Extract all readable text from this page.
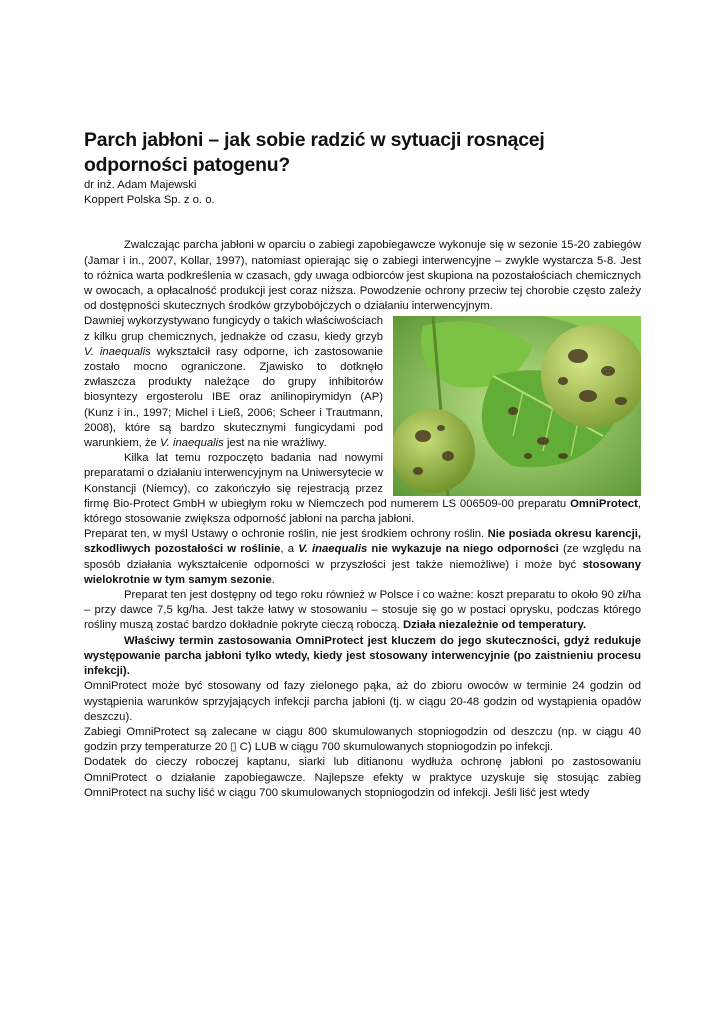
Parch jabłoni – jak sobie radzić w sytuacji rosnącej odporności patogenu?
dr inż. Adam Majewski
Koppert Polska Sp. z o. o.

Zwalczając parcha jabłoni w oparciu o zabiegi zapobiegawcze wykonuje się w sezonie 15-20 zabiegów (Jamar i in., 2007, Kollar, 1997), natomiast opierając się o zabiegi interwencyjne – zwykle wystarcza 5-8. Jest to różnica warta podkreślenia w czasach, gdy uwaga odbiorców jest skupiona na pozostałościach chemicznych w owocach, a opłacalność produkcji jest coraz niższa. Powodzenie ochrony przeciw tej chorobie często zależy od dostępności skutecznych środków grzybobójczych o działaniu interwencyjnym.

Dawniej wykorzystywano fungicydy o takich właściwościach z kilku grup chemicznych, jednakże od czasu, kiedy grzyb V. inaequalis wykształcił rasy odporne, ich zastosowanie zostało mocno ograniczone. Zjawisko to dotknęło zwłaszcza produkty należące do grupy inhibitorów biosyntezy ergosterolu IBE oraz anilinopirymidyn (AP) (Kunz i in., 1997; Michel i Ließ, 2006; Scheer i Trautmann, 2008), które są bardzo skutecznymi fungicydami pod warunkiem, że V. inaequalis jest na nie wrażliwy.

Kilka lat temu rozpoczęto badania nad nowymi preparatami o działaniu interwencyjnym na Uniwersytecie w Konstancji (Niemcy), co zakończyło się rejestracją przez firmę Bio-Protect GmbH w ubiegłym roku w Niemczech pod numerem LS 006509-00 preparatu OmniProtect, którego stosowanie zwiększa odporność jabłoni na parcha jabłoni.

Preparat ten, w myśl Ustawy o ochronie roślin, nie jest środkiem ochrony roślin. Nie posiada okresu karencji, szkodliwych pozostałości w roślinie, a V. inaequalis nie wykazuje na niego odporności (ze względu na sposób działania wykształcenie odporności w przyszłości jest także niemożliwe) i może być stosowany wielokrotnie w tym samym sezonie.

Preparat ten jest dostępny od tego roku również w Polsce i co ważne: koszt preparatu to około 90 zł/ha – przy dawce 7,5 kg/ha. Jest także łatwy w stosowaniu – stosuje się go w postaci oprysku, podczas którego rośliny muszą zostać bardzo dokładnie pokryte cieczą roboczą. Działa niezależnie od temperatury.

Właściwy termin zastosowania OmniProtect jest kluczem do jego skuteczności, gdyż redukuje występowanie parcha jabłoni tylko wtedy, kiedy jest stosowany interwencyjnie (po zaistnieniu procesu infekcji).

OmniProtect może być stosowany od fazy zielonego pąka, aż do zbioru owoców w terminie 24 godzin od wystąpienia warunków sprzyjających infekcji parcha jabłoni (tj. w ciągu 20-48 godzin od wystąpienia opadów deszczu).

Zabiegi OmniProtect są zalecane w ciągu 800 skumulowanych stopniogodzin od deszczu (np. w ciągu 40 godzin przy temperaturze 20 ▯ C) LUB w ciągu 700 skumulowanych stopniogodzin po infekcji.

Dodatek do cieczy roboczej kaptanu, siarki lub ditianonu wydłuża ochronę jabłoni po zastosowaniu OmniProtect o działanie zapobiegawcze. Najlepsze efekty w praktyce uzyskuje się stosując zabieg OmniProtect na suchy liść w ciągu 700 skumulowanych stopniogodzin od infekcji. Jeśli liść jest wtedy
